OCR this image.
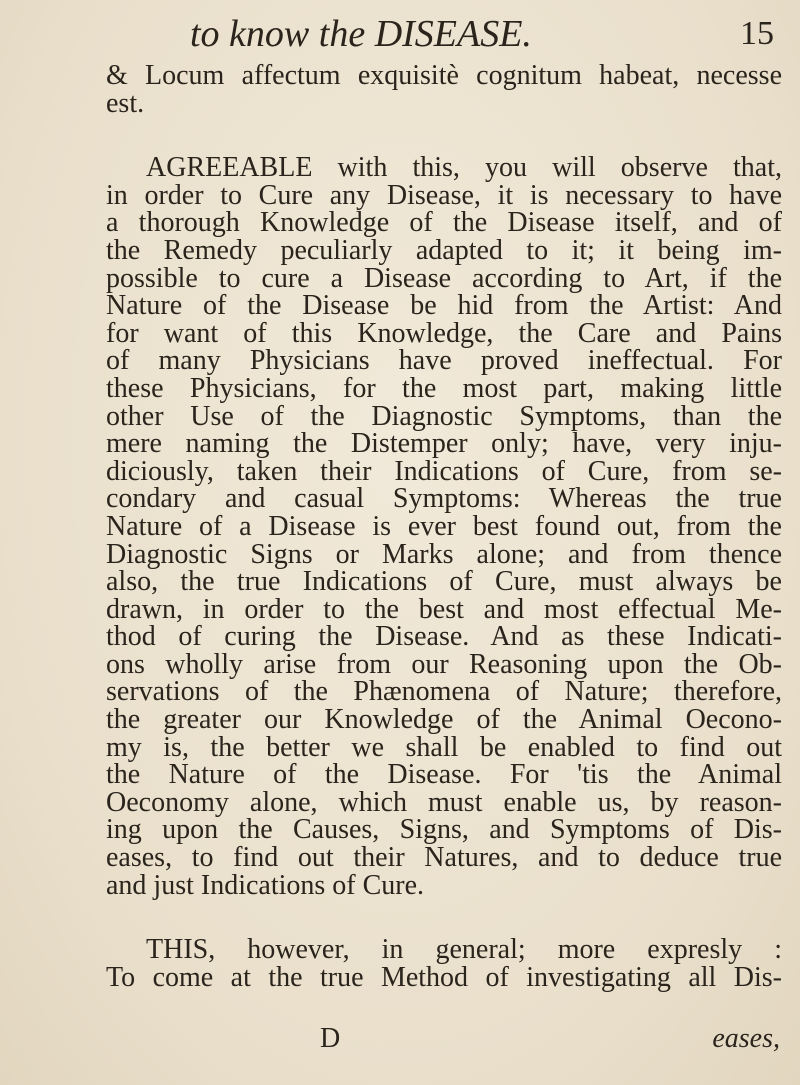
to know the DISEASE.	15

& Locum affectum exquisitè cognitum habeat, necesse
est.

AGREEABLE with this, you will observe that,
in order to Cure any Disease, it is necessary to have
a thorough Knowledge of the Disease itself, and of
the Remedy peculiarly adapted to it; it being im-
possible to cure a Disease according to Art, if the
Nature of the Disease be hid from the Artist: And
for want of this Knowledge, the Care and Pains
of many Physicians have proved ineffectual. For
these Physicians, for the most part, making little
other Use of the Diagnostic Symptoms, than the
mere naming the Distemper only; have, very inju-
diciously, taken their Indications of Cure, from se-
condary and casual Symptoms: Whereas the true
Nature of a Disease is ever best found out, from the
Diagnostic Signs or Marks alone; and from thence
also, the true Indications of Cure, must always be
drawn, in order to the best and most effectual Me-
thod of curing the Disease. And as these Indicati-
ons wholly arise from our Reasoning upon the Ob-
servations of the Phænomena of Nature; therefore,
the greater our Knowledge of the Animal Oecono-
my is, the better we shall be enabled to find out
the Nature of the Disease. For 'tis the Animal
Oeconomy alone, which must enable us, by reason-
ing upon the Causes, Signs, and Symptoms of Dis-
eases, to find out their Natures, and to deduce true
and just Indications of Cure.

THIS, however, in general; more expresly :
To come at the true Method of investigating all Dis-

D	eases,
